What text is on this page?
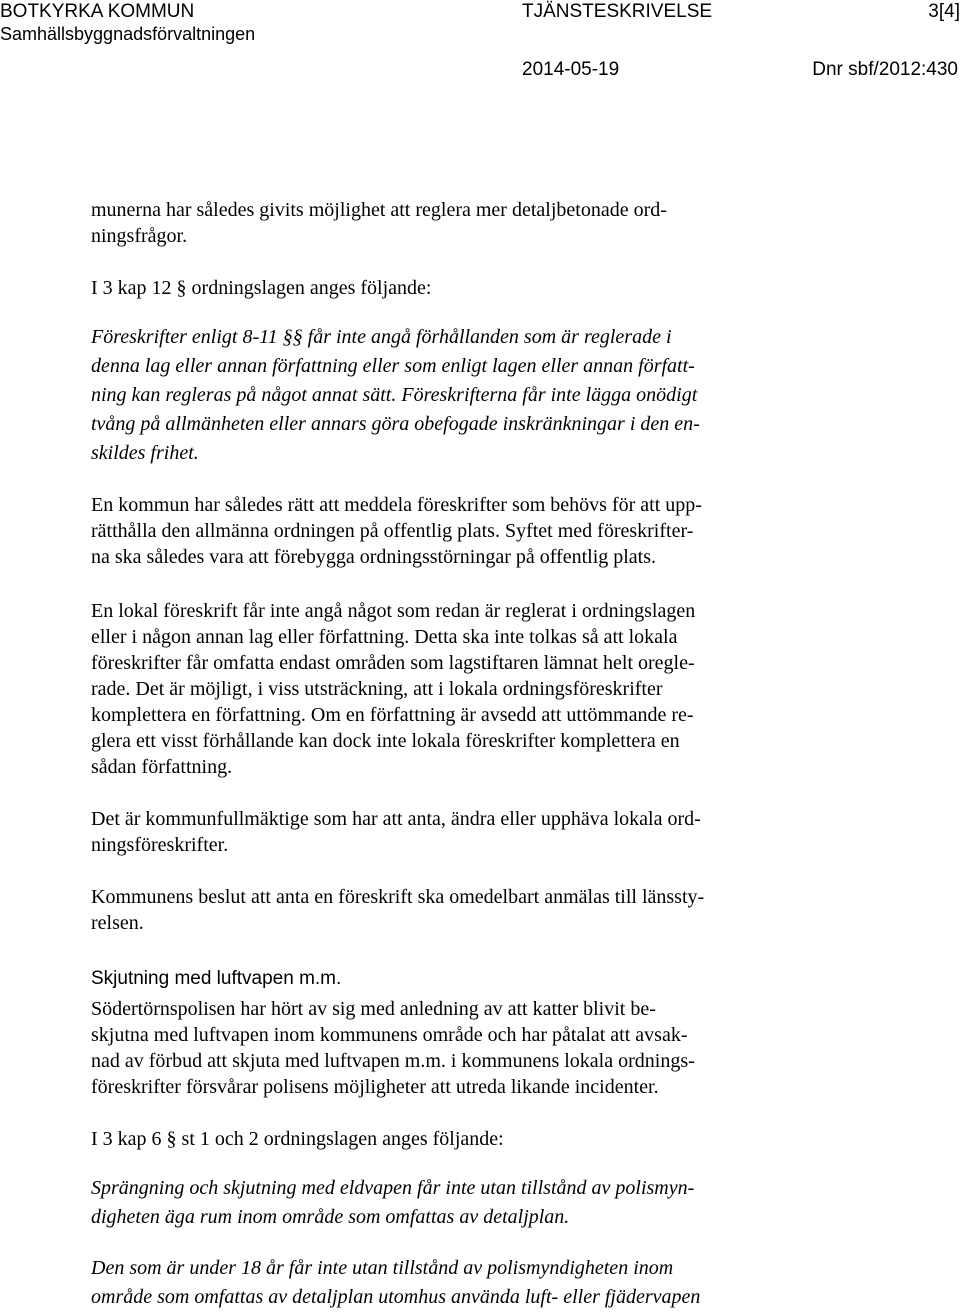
BOTKYRKA KOMMUN
Samhällsbyggnadsförvaltningen
TJÄNSTESKRIVELSE	3[4]
2014-05-19	Dnr sbf/2012:430

munerna har således givits möjlighet att reglera mer detaljbetonade ord-
ningsfrågor.

I 3 kap 12 § ordningslagen anges följande:

Föreskrifter enligt 8-11 §§ får inte angå förhållanden som är reglerade i
denna lag eller annan författning eller som enligt lagen eller annan författ-
ning kan regleras på något annat sätt. Föreskrifterna får inte lägga onödigt
tvång på allmänheten eller annars göra obefogade inskränkningar i den en-
skildes frihet.

En kommun har således rätt att meddela föreskrifter som behövs för att upp-
rätthålla den allmänna ordningen på offentlig plats. Syftet med föreskrifter-
na ska således vara att förebygga ordningsstörningar på offentlig plats.

En lokal föreskrift får inte angå något som redan är reglerat i ordningslagen
eller i någon annan lag eller författning. Detta ska inte tolkas så att lokala
föreskrifter får omfatta endast områden som lagstiftaren lämnat helt oregle-
rade. Det är möjligt, i viss utsträckning, att i lokala ordningsföreskrifter
komplettera en författning. Om en författning är avsedd att uttömmande re-
glera ett visst förhållande kan dock inte lokala föreskrifter komplettera en
sådan författning.

Det är kommunfullmäktige som har att anta, ändra eller upphäva lokala ord-
ningsföreskrifter.

Kommunens beslut att anta en föreskrift ska omedelbart anmälas till länssty-
relsen.

Skjutning med luftvapen m.m.

Södertörnspolisen har hört av sig med anledning av att katter blivit be-
skjutna med luftvapen inom kommunens område och har påtalat att avsak-
nad av förbud att skjuta med luftvapen m.m. i kommunens lokala ordnings-
föreskrifter försvårar polisens möjligheter att utreda likande incidenter.

I 3 kap 6 § st 1 och 2 ordningslagen anges följande:

Sprängning och skjutning med eldvapen får inte utan tillstånd av polismyn-
digheten äga rum inom område som omfattas av detaljplan.

Den som är under 18 år får inte utan tillstånd av polismyndigheten inom
område som omfattas av detaljplan utomhus använda luft- eller fjädervapen
